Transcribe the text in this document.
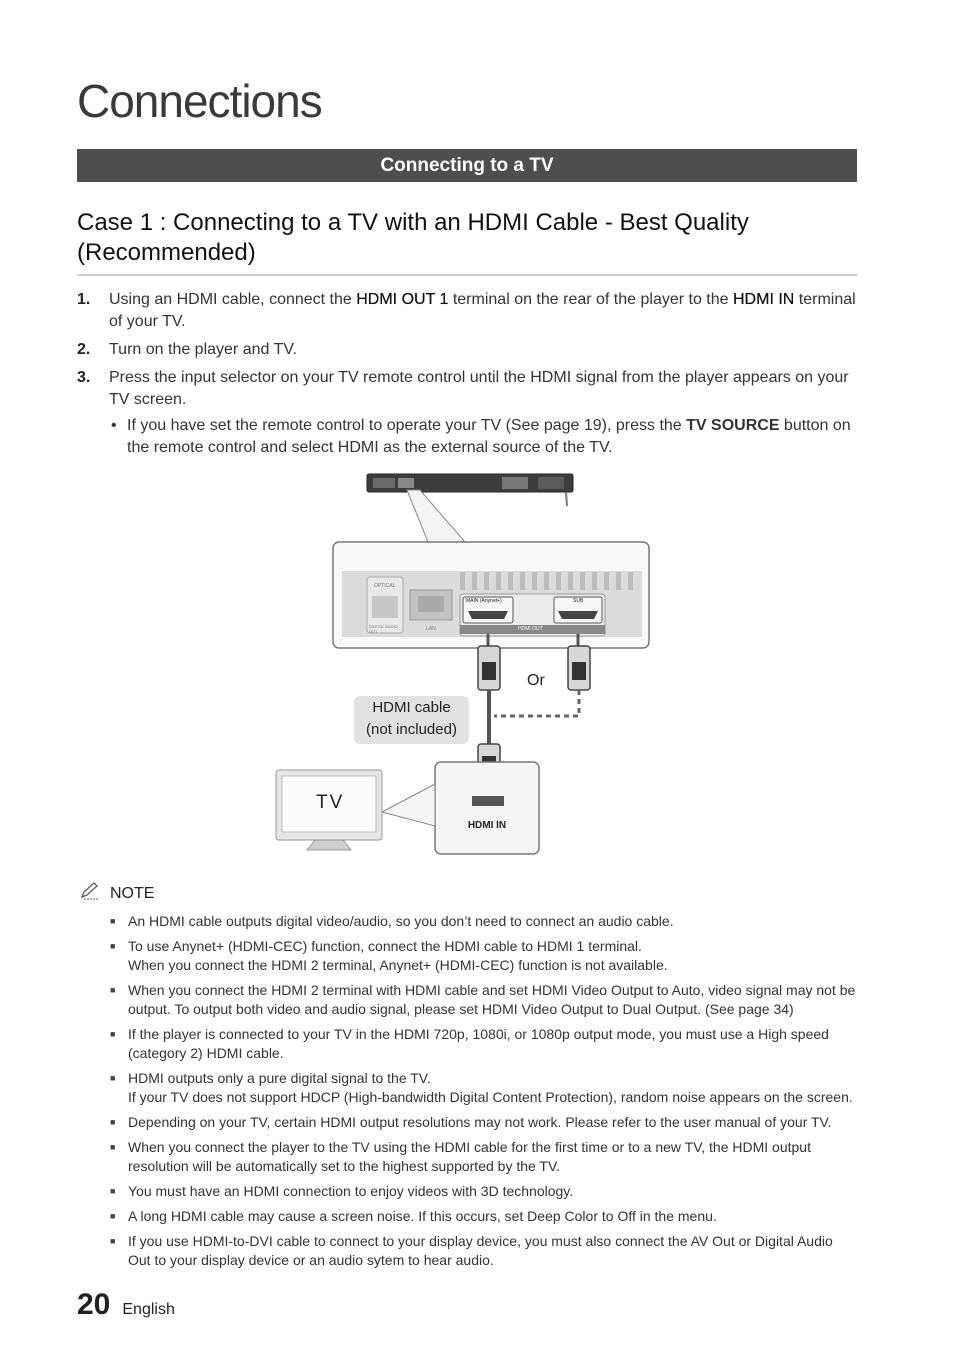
Connections
Connecting to a TV
Case 1 : Connecting to a TV with an HDMI Cable - Best Quality (Recommended)
1.	Using an HDMI cable, connect the HDMI OUT 1 terminal on the rear of the player to the HDMI IN terminal of your TV.
2.	Turn on the player and TV.
3.	Press the input selector on your TV remote control until the HDMI signal from the player appears on your TV screen.
• If you have set the remote control to operate your TV (See page 19), press the TV SOURCE button on the remote control and select HDMI as the external source of the TV.
OPTICAL
DIGITAL AUDIO OUT	LAN
MAIN (Anynet+)	SUB
HDMI OUT
Or
HDMI cable
(not included)
TV
HDMI IN
NOTE
■ An HDMI cable outputs digital video/audio, so you don’t need to connect an audio cable.
■ To use Anynet+ (HDMI-CEC) function, connect the HDMI cable to HDMI 1 terminal.
When you connect the HDMI 2 terminal, Anynet+ (HDMI-CEC) function is not available.
■ When you connect the HDMI 2 terminal with HDMI cable and set HDMI Video Output to Auto, video signal may not be output. To output both video and audio signal, please set HDMI Video Output to Dual Output. (See page 34)
■ If the player is connected to your TV in the HDMI 720p, 1080i, or 1080p output mode, you must use a High speed (category 2) HDMI cable.
■ HDMI outputs only a pure digital signal to the TV.
If your TV does not support HDCP (High-bandwidth Digital Content Protection), random noise appears on the screen.
■ Depending on your TV, certain HDMI output resolutions may not work. Please refer to the user manual of your TV.
■ When you connect the player to the TV using the HDMI cable for the first time or to a new TV, the HDMI output resolution will be automatically set to the highest supported by the TV.
■ You must have an HDMI connection to enjoy videos with 3D technology.
■ A long HDMI cable may cause a screen noise. If this occurs, set Deep Color to Off in the menu.
■ If you use HDMI-to-DVI cable to connect to your display device, you must also connect the AV Out or Digital Audio Out to your display device or an audio sytem to hear audio.
20 English
